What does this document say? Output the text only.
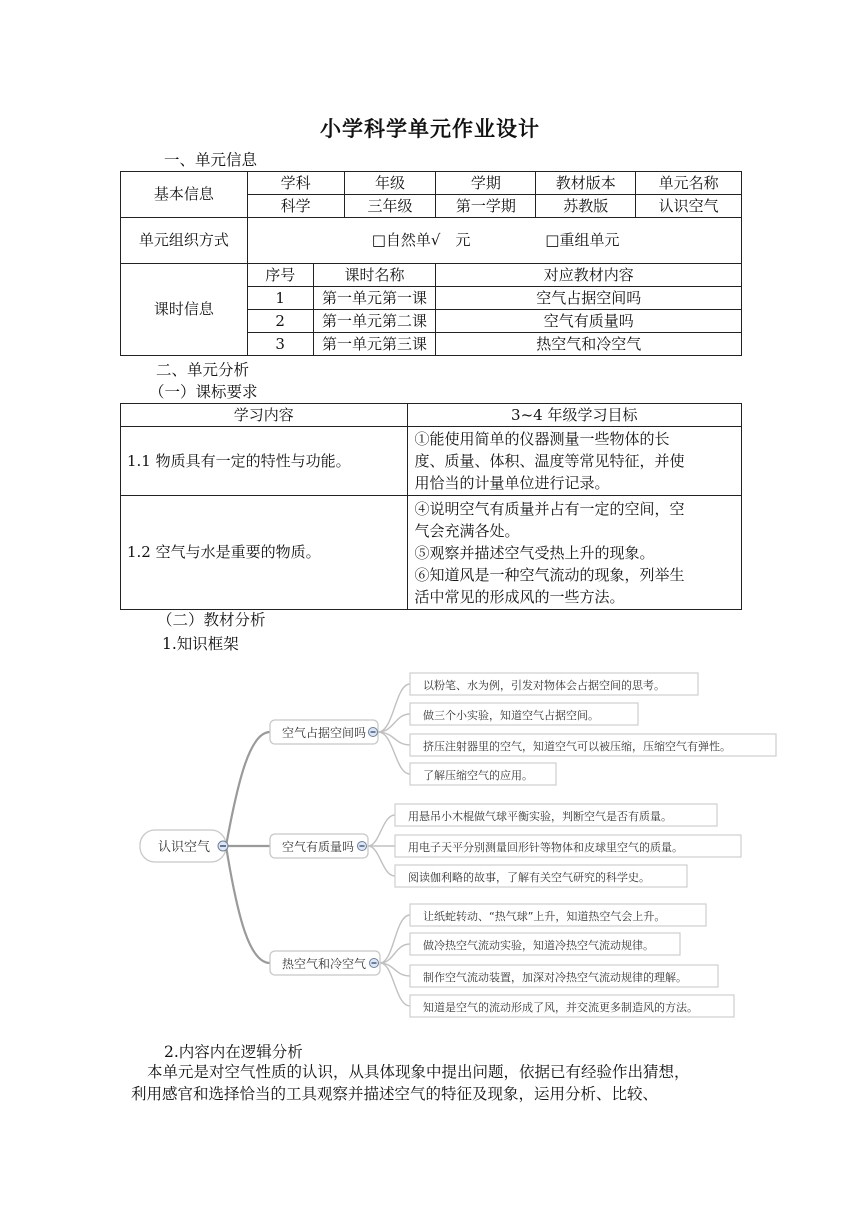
小学科学单元作业设计
一、单元信息
基本信息	学科		年级	学期	教材版本	单元名称
	科学		三年级	第一学期	苏教版	认识空气
单元组织方式	□自然单√　元 □重组单元					
课时信息	序号	课时名称		对应教材内容		
	1	第一单元第一课		空气占据空间吗		
	2	第一单元第二课		空气有质量吗		
	3	第一单元第三课		热空气和冷空气		
二、单元分析
（一）课标要求
学习内容	3~4 年级学习目标
1.1 物质具有一定的特性与功能。	①能使用简单的仪器测量一些物体的长
度、质量、体积、温度等常见特征，并使
用恰当的计量单位进行记录。

1.2 空气与水是重要的物质。	④说明空气有质量并占有一定的空间，空
气会充满各处。
⑤观察并描述空气受热上升的现象。
⑥知道风是一种空气流动的现象，列举生
活中常见的形成风的一些方法。
（二）教材分析
1.知识框架
认识空气
空气占据空间吗
空气有质量吗
热空气和冷空气
以粉笔、水为例，引发对物体会占据空间的思考。
做三个小实验，知道空气占据空间。
挤压注射器里的空气，知道空气可以被压缩，压缩空气有弹性。
了解压缩空气的应用。
用悬吊小木棍做气球平衡实验，判断空气是否有质量。
用电子天平分别测量回形针等物体和皮球里空气的质量。
阅读伽利略的故事，了解有关空气研究的科学史。
让纸蛇转动、“热气球”上升，知道热空气会上升。
做冷热空气流动实验，知道冷热空气流动规律。
制作空气流动装置，加深对冷热空气流动规律的理解。
知道是空气的流动形成了风，并交流更多制造风的方法。
2.内容内在逻辑分析
本单元是对空气性质的认识，从具体现象中提出问题，依据已有经验作出猜想，
利用感官和选择恰当的工具观察并描述空气的特征及现象，运用分析、比较、
